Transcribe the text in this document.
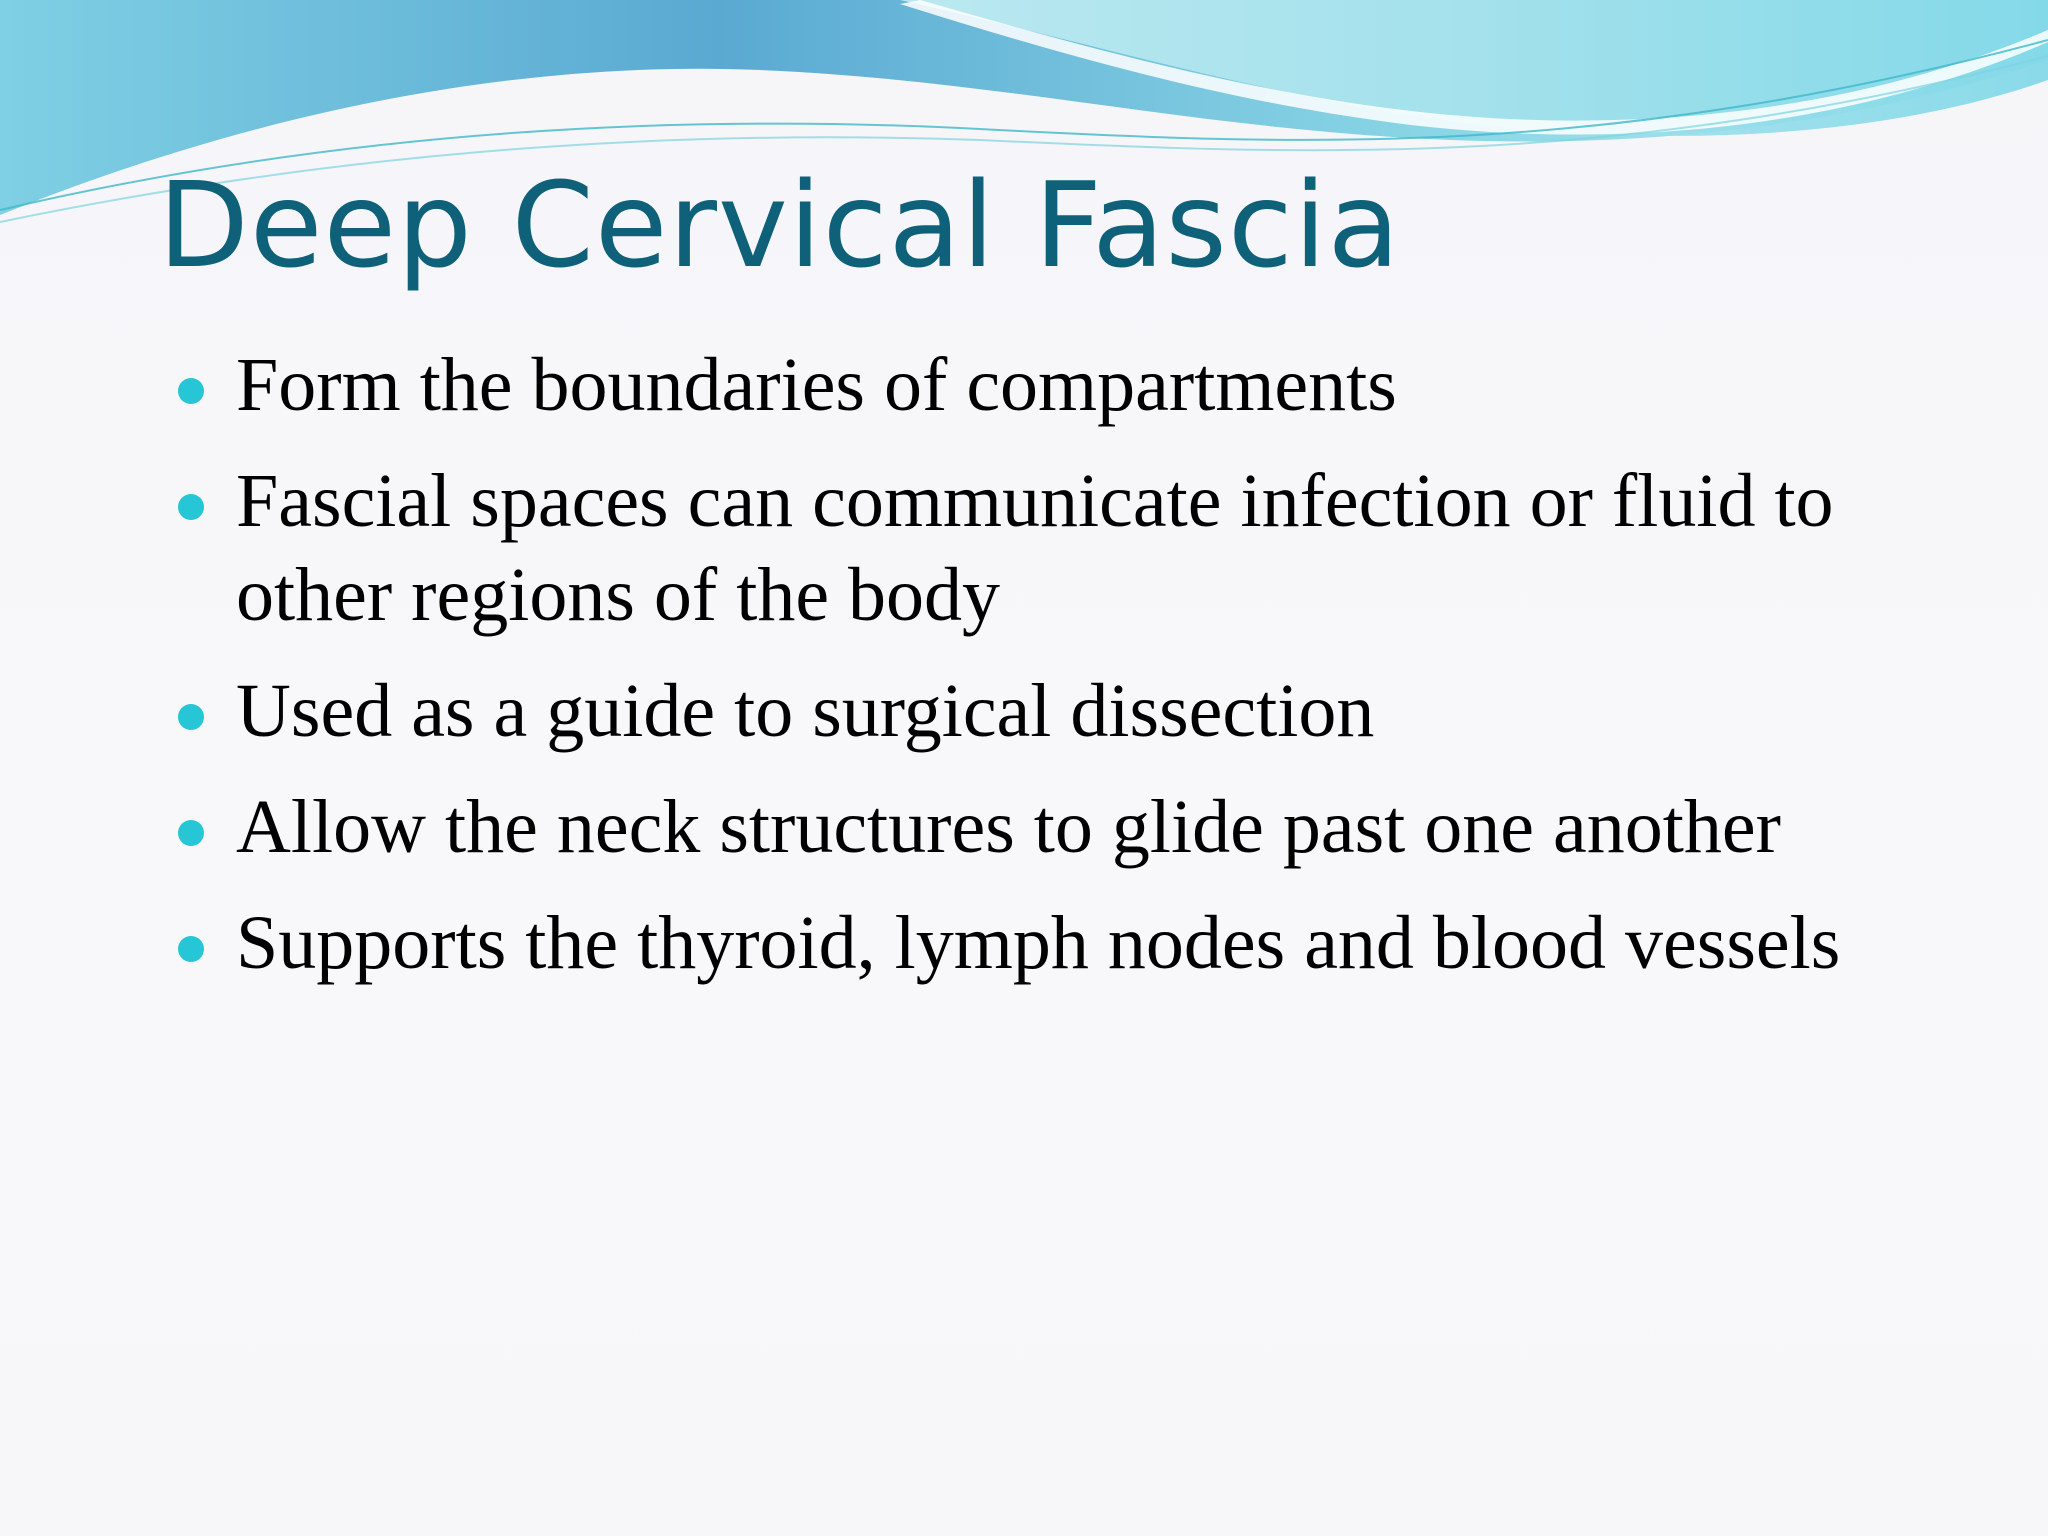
Deep Cervical Fascia
Form the boundaries of compartments
Fascial spaces can communicate infection or fluid to other regions of the body
Used as a guide to surgical dissection
Allow the neck structures to glide past one another
Supports the thyroid, lymph nodes and blood vessels
